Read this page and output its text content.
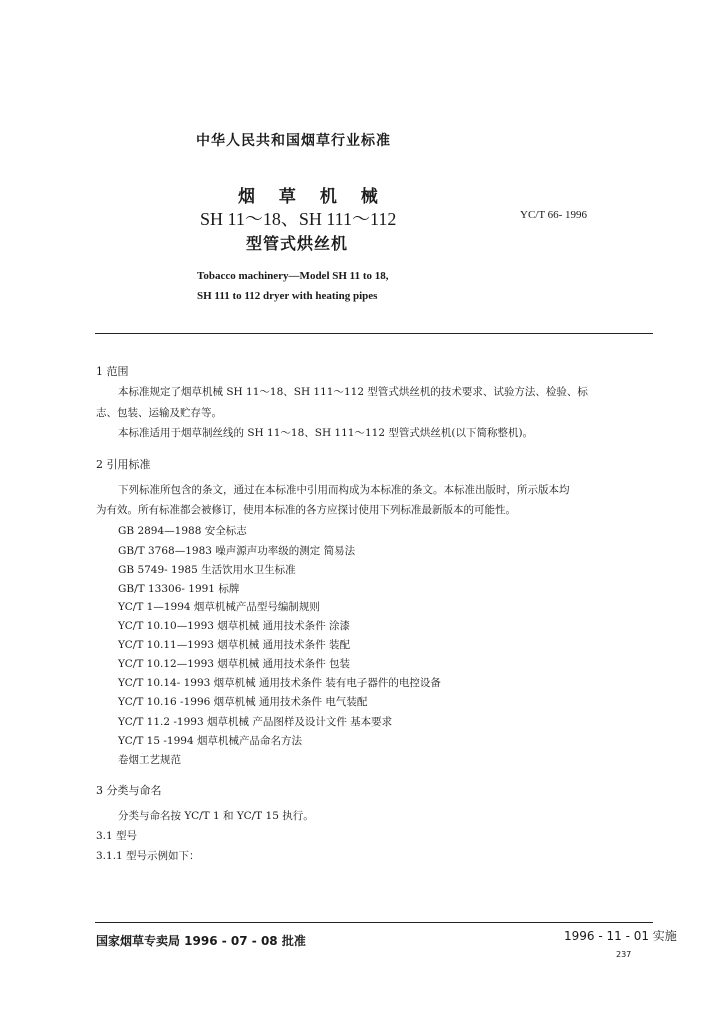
中华人民共和国烟草行业标准
烟 草 机 械
SH 11～18、SH 111～112
型管式烘丝机
YC/T 66- 1996
Tobacco machinery—Model SH 11 to 18,
SH 111 to 112 dryer with heating pipes
1 范围
本标准规定了烟草机械 SH 11～18、SH 111～112 型管式烘丝机的技术要求、试验方法、检验、标
志、包装、运输及贮存等。
本标准适用于烟草制丝线的 SH 11～18、SH 111～112 型管式烘丝机(以下简称整机)。
2 引用标准
下列标准所包含的条文，通过在本标准中引用而构成为本标准的条文。本标准出版时，所示版本均
为有效。所有标准都会被修订，使用本标准的各方应探讨使用下列标准最新版本的可能性。
GB 2894—1988 安全标志
GB/T 3768—1983 噪声源声功率级的测定 简易法
GB 5749- 1985 生活饮用水卫生标准
GB/T 13306- 1991 标牌
YC/T 1—1994 烟草机械产品型号编制规则
YC/T 10.10—1993 烟草机械 通用技术条件 涂漆
YC/T 10.11—1993 烟草机械 通用技术条件 装配
YC/T 10.12—1993 烟草机械 通用技术条件 包装
YC/T 10.14- 1993 烟草机械 通用技术条件 装有电子器件的电控设备
YC/T 10.16 -1996 烟草机械 通用技术条件 电气装配
YC/T 11.2 -1993 烟草机械 产品图样及设计文件 基本要求
YC/T 15 -1994 烟草机械产品命名方法
卷烟工艺规范
3 分类与命名
分类与命名按 YC/T 1 和 YC/T 15 执行。
3.1 型号
3.1.1 型号示例如下：
国家烟草专卖局 1996 - 07 - 08 批准	1996 - 11 - 01 实施
237
